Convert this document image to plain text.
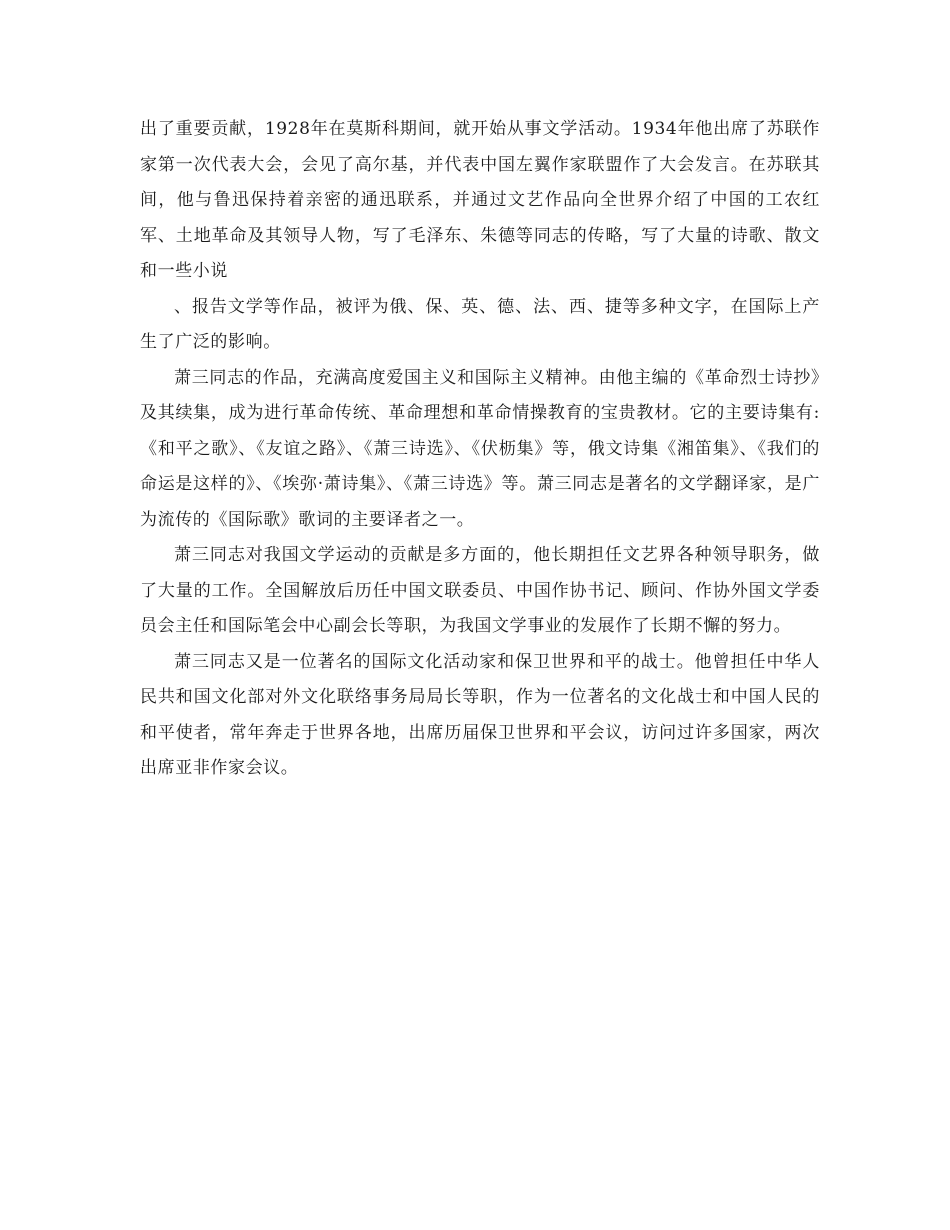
出了重要贡献，1928年在莫斯科期间，就开始从事文学活动。1934年他出席了苏联作家第一次代表大会，会见了高尔基，并代表中国左翼作家联盟作了大会发言。在苏联其间，他与鲁迅保持着亲密的通迅联系，并通过文艺作品向全世界介绍了中国的工农红军、土地革命及其领导人物，写了毛泽东、朱德等同志的传略，写了大量的诗歌、散文和一些小说

、报告文学等作品，被评为俄、保、英、德、法、西、捷等多种文字，在国际上产生了广泛的影响。

萧三同志的作品，充满高度爱国主义和国际主义精神。由他主编的《革命烈士诗抄》及其续集，成为进行革命传统、革命理想和革命情操教育的宝贵教材。它的主要诗集有:《和平之歌》、《友谊之路》、《萧三诗选》、《伏枥集》等，俄文诗集《湘笛集》、《我们的命运是这样的》、《埃弥·萧诗集》、《萧三诗选》等。萧三同志是著名的文学翻译家，是广为流传的《国际歌》歌词的主要译者之一。

萧三同志对我国文学运动的贡献是多方面的，他长期担任文艺界各种领导职务，做了大量的工作。全国解放后历任中国文联委员、中国作协书记、顾问、作协外国文学委员会主任和国际笔会中心副会长等职，为我国文学事业的发展作了长期不懈的努力。

萧三同志又是一位著名的国际文化活动家和保卫世界和平的战士。他曾担任中华人民共和国文化部对外文化联络事务局局长等职，作为一位著名的文化战士和中国人民的和平使者，常年奔走于世界各地，出席历届保卫世界和平会议，访问过许多国家，两次出席亚非作家会议。
